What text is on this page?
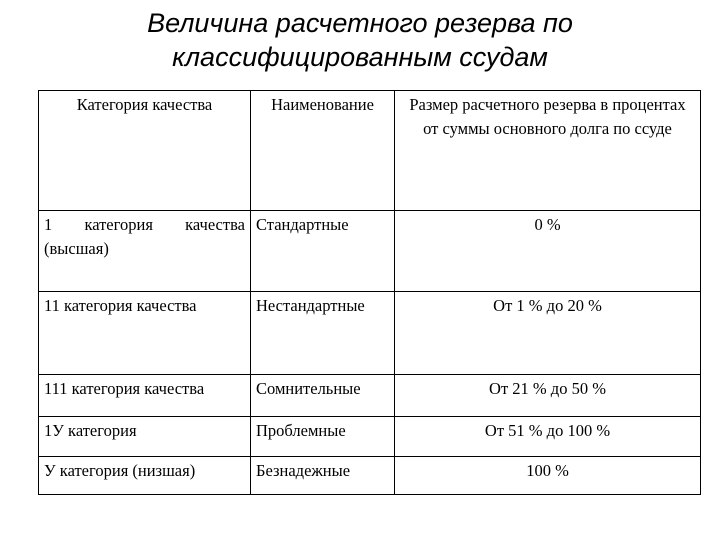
Величина расчетного резерва по
классифицированным ссудам
Категория качества	Наименование	Размер расчетного резерва в процентах от суммы основного долга по ссуде
1 категория качества (высшая)	Стандартные	0 %
11 категория качества	Нестандартные	От 1 % до 20 %
111 категория качества	Сомнительные	От 21 % до 50 %
1У категория	Проблемные	От 51 % до 100 %
У категория (низшая)	Безнадежные	100 %
